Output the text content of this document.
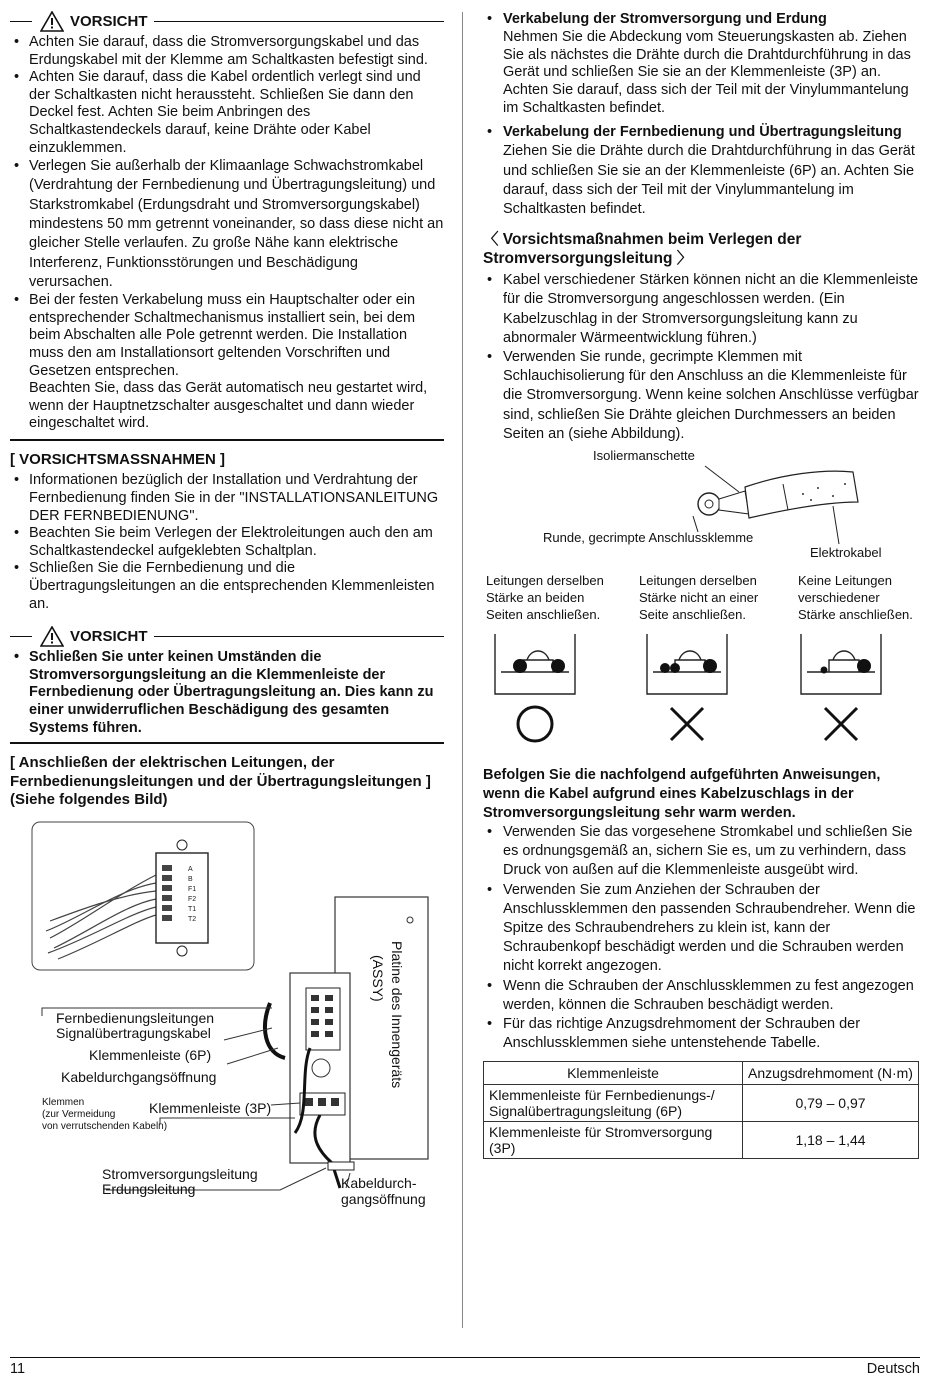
VORSICHT
• Achten Sie darauf, dass die Stromversorgungskabel und das Erdungskabel mit der Klemme am Schaltkasten befestigt sind.
• Achten Sie darauf, dass die Kabel ordentlich verlegt sind und der Schaltkasten nicht heraussteht. Schließen Sie dann den Deckel fest. Achten Sie beim Anbringen des Schaltkastendeckels darauf, keine Drähte oder Kabel einzuklemmen.
• Verlegen Sie außerhalb der Klimaanlage Schwachstromkabel (Verdrahtung der Fernbedienung und Übertragungsleitung) und Starkstromkabel (Erdungsdraht und Stromversorgungskabel) mindestens 50 mm getrennt voneinander, so dass diese nicht an gleicher Stelle verlaufen. Zu große Nähe kann elektrische Interferenz, Funktionsstörungen und Beschädigung verursachen.
• Bei der festen Verkabelung muss ein Hauptschalter oder ein entsprechender Schaltmechanismus installiert sein, bei dem beim Abschalten alle Pole getrennt werden. Die Installation muss den am Installationsort geltenden Vorschriften und Gesetzen entsprechen.
Beachten Sie, dass das Gerät automatisch neu gestartet wird, wenn der Hauptnetzschalter ausgeschaltet und dann wieder eingeschaltet wird.
[ VORSICHTSMASSNAHMEN ]
• Informationen bezüglich der Installation und Verdrahtung der Fernbedienung finden Sie in der "INSTALLATIONSANLEITUNG DER FERNBEDIENUNG".
• Beachten Sie beim Verlegen der Elektroleitungen auch den am Schaltkastendeckel aufgeklebten Schaltplan.
• Schließen Sie die Fernbedienung und die Übertragungsleitungen an die entsprechenden Klemmenleisten an.
VORSICHT
• Schließen Sie unter keinen Umständen die Stromversorgungsleitung an die Klemmenleiste der Fernbedienung oder Übertragungsleitung an. Dies kann zu einer unwiderruflichen Beschädigung des gesamten Systems führen.
[ Anschließen der elektrischen Leitungen, der Fernbedienungsleitungen und der Übertragungsleitungen ] (Siehe folgendes Bild)
A
B
F1
F2
T1
T2
Platine des Innengeräts
(ASSY)
Fernbedienungsleitungen
Signalübertragungskabel
Klemmenleiste (6P)
Kabeldurchgangsöffnung
Klemmenleiste (3P)
Stromversorgungsleitung
Erdungsleitung	Kabeldurch-
gangsöffnung
Klemmen
(zur Vermeidung
von verrutschenden Kabeln)
• Verkabelung der Stromversorgung und Erdung
Nehmen Sie die Abdeckung vom Steuerungskasten ab. Ziehen Sie als nächstes die Drähte durch die Drahtdurchführung in das Gerät und schließen Sie sie an der Klemmenleiste (3P) an. Achten Sie darauf, dass sich der Teil mit der Vinylummantelung im Schaltkasten befindet.
• Verkabelung der Fernbedienung und Übertragungsleitung
Ziehen Sie die Drähte durch die Drahtdurchführung in das Gerät und schließen Sie sie an der Klemmenleiste (6P) an. Achten Sie darauf, dass sich der Teil mit der Vinylummantelung im Schaltkasten befindet.
〈 Vorsichtsmaßnahmen beim Verlegen der Stromversorgungsleitung 〉
• Kabel verschiedener Stärken können nicht an die Klemmenleiste für die Stromversorgung angeschlossen werden. (Ein Kabelzuschlag in der Stromversorgungsleitung kann zu abnormaler Wärmeentwicklung führen.)
• Verwenden Sie runde, gecrimpte Klemmen mit Schlauchisolierung für den Anschluss an die Klemmenleiste für die Stromversorgung. Wenn keine solchen Anschlüsse verfügbar sind, schließen Sie Drähte gleichen Durchmessers an beiden Seiten an (siehe Abbildung).
Isoliermanschette
Runde, gecrimpte Anschlussklemme
Elektrokabel
Leitungen derselben
Stärke an beiden
Seiten anschließen.
Leitungen derselben
Stärke nicht an einer
Seite anschließen.
Keine Leitungen
verschiedener
Stärke anschließen.
Befolgen Sie die nachfolgend aufgeführten Anweisungen, wenn die Kabel aufgrund eines Kabelzuschlags in der Stromversorgungsleitung sehr warm werden.
• Verwenden Sie das vorgesehene Stromkabel und schließen Sie es ordnungsgemäß an, sichern Sie es, um zu verhindern, dass Druck von außen auf die Klemmenleiste ausgeübt wird.
• Verwenden Sie zum Anziehen der Schrauben der Anschlussklemmen den passenden Schraubendreher. Wenn die Spitze des Schraubendrehers zu klein ist, kann der Schraubenkopf beschädigt werden und die Schrauben werden nicht korrekt angezogen.
• Wenn die Schrauben der Anschlussklemmen zu fest angezogen werden, können die Schrauben beschädigt werden.
• Für das richtige Anzugsdrehmoment der Schrauben der Anschlussklemmen siehe untenstehende Tabelle.
Klemmenleiste	Anzugsdrehmoment (N·m)
Klemmenleiste für Fernbedienungs-/ Signalübertragungsleitung (6P)	0,79 – 0,97
Klemmenleiste für Stromversorgung (3P)	1,18 – 1,44
11	Deutsch
